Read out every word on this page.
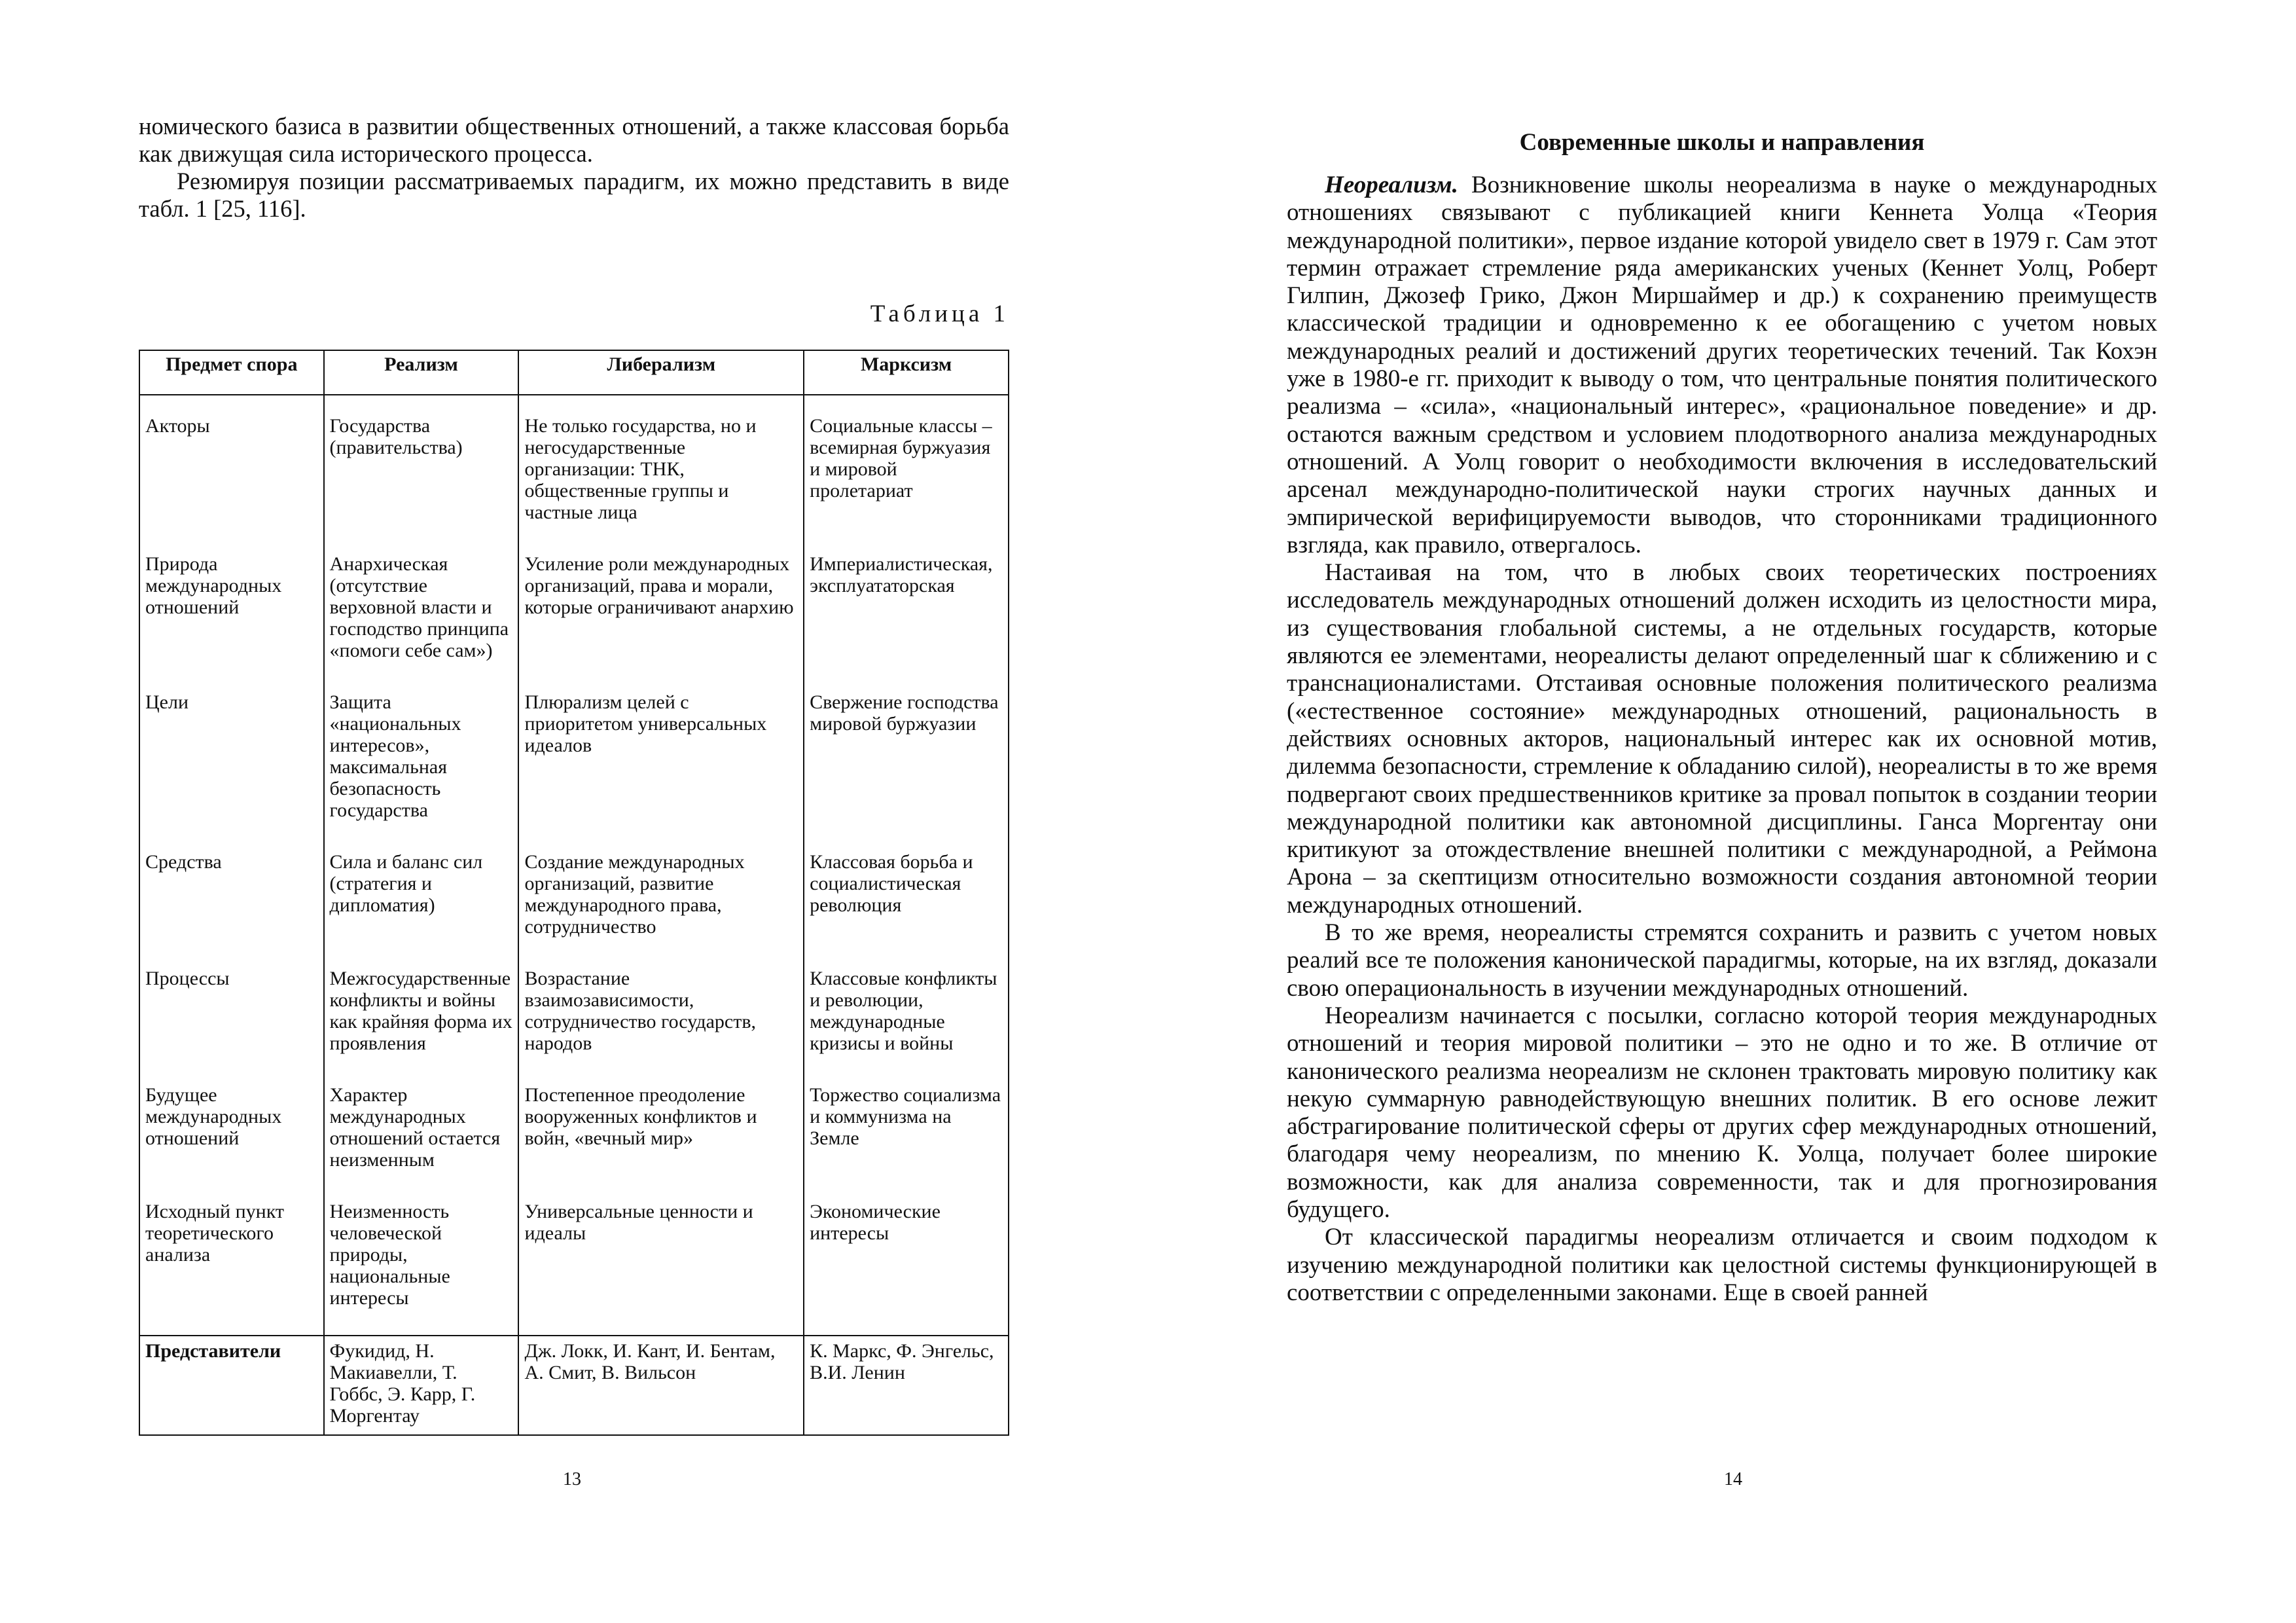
номического базиса в развитии общественных отношений, а также классовая борьба как движущая сила исторического процесса.

Резюмируя позиции рассматриваемых парадигм, их можно представить в виде табл. 1 [25, 116].

Таблица 1
Предмет спора	Реализм	Либерализм	Марксизм

Акторы	Государства (правительства)	Не только государства, но и негосударственные организации: ТНК, общественные группы и частные лица	Социальные классы – всемирная буржуазия и мировой пролетариат
Природа международных отношений	Анархическая (отсутствие верховной власти и господство принципа «помоги себе сам»)	Усиление роли международных организаций, права и морали, которые ограничивают анархию	Империалистическая, эксплуататорская
Цели	Защита «национальных интересов», максимальная безопасность государства	Плюрализм целей с приоритетом универсальных идеалов	Свержение господства мировой буржуазии
Средства	Сила и баланс сил (стратегия и дипломатия)	Создание международных организаций, развитие международного права, сотрудничество	Классовая борьба и социалистическая революция
Процессы	Межгосударственные конфликты и войны как крайняя форма их проявления	Возрастание взаимозависимости, сотрудничество государств, народов	Классовые конфликты и революции, международные кризисы и войны
Будущее международных отношений	Характер международных отношений остается неизменным	Постепенное преодоление вооруженных конфликтов и войн, «вечный мир»	Торжество социализма и коммунизма на Земле
Исходный пункт теоретического анализа	Неизменность человеческой природы, национальные интересы	Универсальные ценности и идеалы	Экономические интересы
Представители	Фукидид, Н. Макиавелли, Т. Гоббс, Э. Карр, Г. Моргентау	Дж. Локк, И. Кант, И. Бентам, А. Смит, В. Вильсон	К. Маркс, Ф. Энгельс, В.И. Ленин
13
Современные школы и направления

Неореализм. Возникновение школы неореализма в науке о международных отношениях связывают с публикацией книги Кеннета Уолца «Теория международной политики», первое издание которой увидело свет в 1979 г. Сам этот термин отражает стремление ряда американских ученых (Кеннет Уолц, Роберт Гилпин, Джозеф Грико, Джон Миршаймер и др.) к сохранению преимуществ классической традиции и одновременно к ее обогащению с учетом новых международных реалий и достижений других теоретических течений. Так Кохэн уже в 1980-е гг. приходит к выводу о том, что центральные понятия политического реализма – «сила», «национальный интерес», «рациональное поведение» и др. остаются важным средством и условием плодотворного анализа международных отношений. А Уолц говорит о необходимости включения в исследовательский арсенал международно-политической науки строгих научных данных и эмпирической верифицируемости выводов, что сторонниками традиционного взгляда, как правило, отвергалось.

Настаивая на том, что в любых своих теоретических построениях исследователь международных отношений должен исходить из целостности мира, из существования глобальной системы, а не отдельных государств, которые являются ее элементами, неореалисты делают определенный шаг к сближению и с транснационалистами. Отстаивая основные положения политического реализма («естественное состояние» международных отношений, рациональность в действиях основных акторов, национальный интерес как их основной мотив, дилемма безопасности, стремление к обладанию силой), неореалисты в то же время подвергают своих предшественников критике за провал попыток в создании теории международной политики как автономной дисциплины. Ганса Моргентау они критикуют за отождествление внешней политики с международной, а Реймона Арона – за скептицизм относительно возможности создания автономной теории международных отношений.

В то же время, неореалисты стремятся сохранить и развить с учетом новых реалий все те положения канонической парадигмы, которые, на их взгляд, доказали свою операциональность в изучении международных отношений.

Неореализм начинается с посылки, согласно которой теория международных отношений и теория мировой политики – это не одно и то же. В отличие от канонического реализма неореализм не склонен трактовать мировую политику как некую суммарную равнодействующую внешних политик. В его основе лежит абстрагирование политической сферы от других сфер международных отношений, благодаря чему неореализм, по мнению К. Уолца, получает более широкие возможности, как для анализа современности, так и для прогнозирования будущего.

От классической парадигмы неореализм отличается и своим подходом к изучению международной политики как целостной системы функционирующей в соответствии с определенными законами. Еще в своей ранней

14
